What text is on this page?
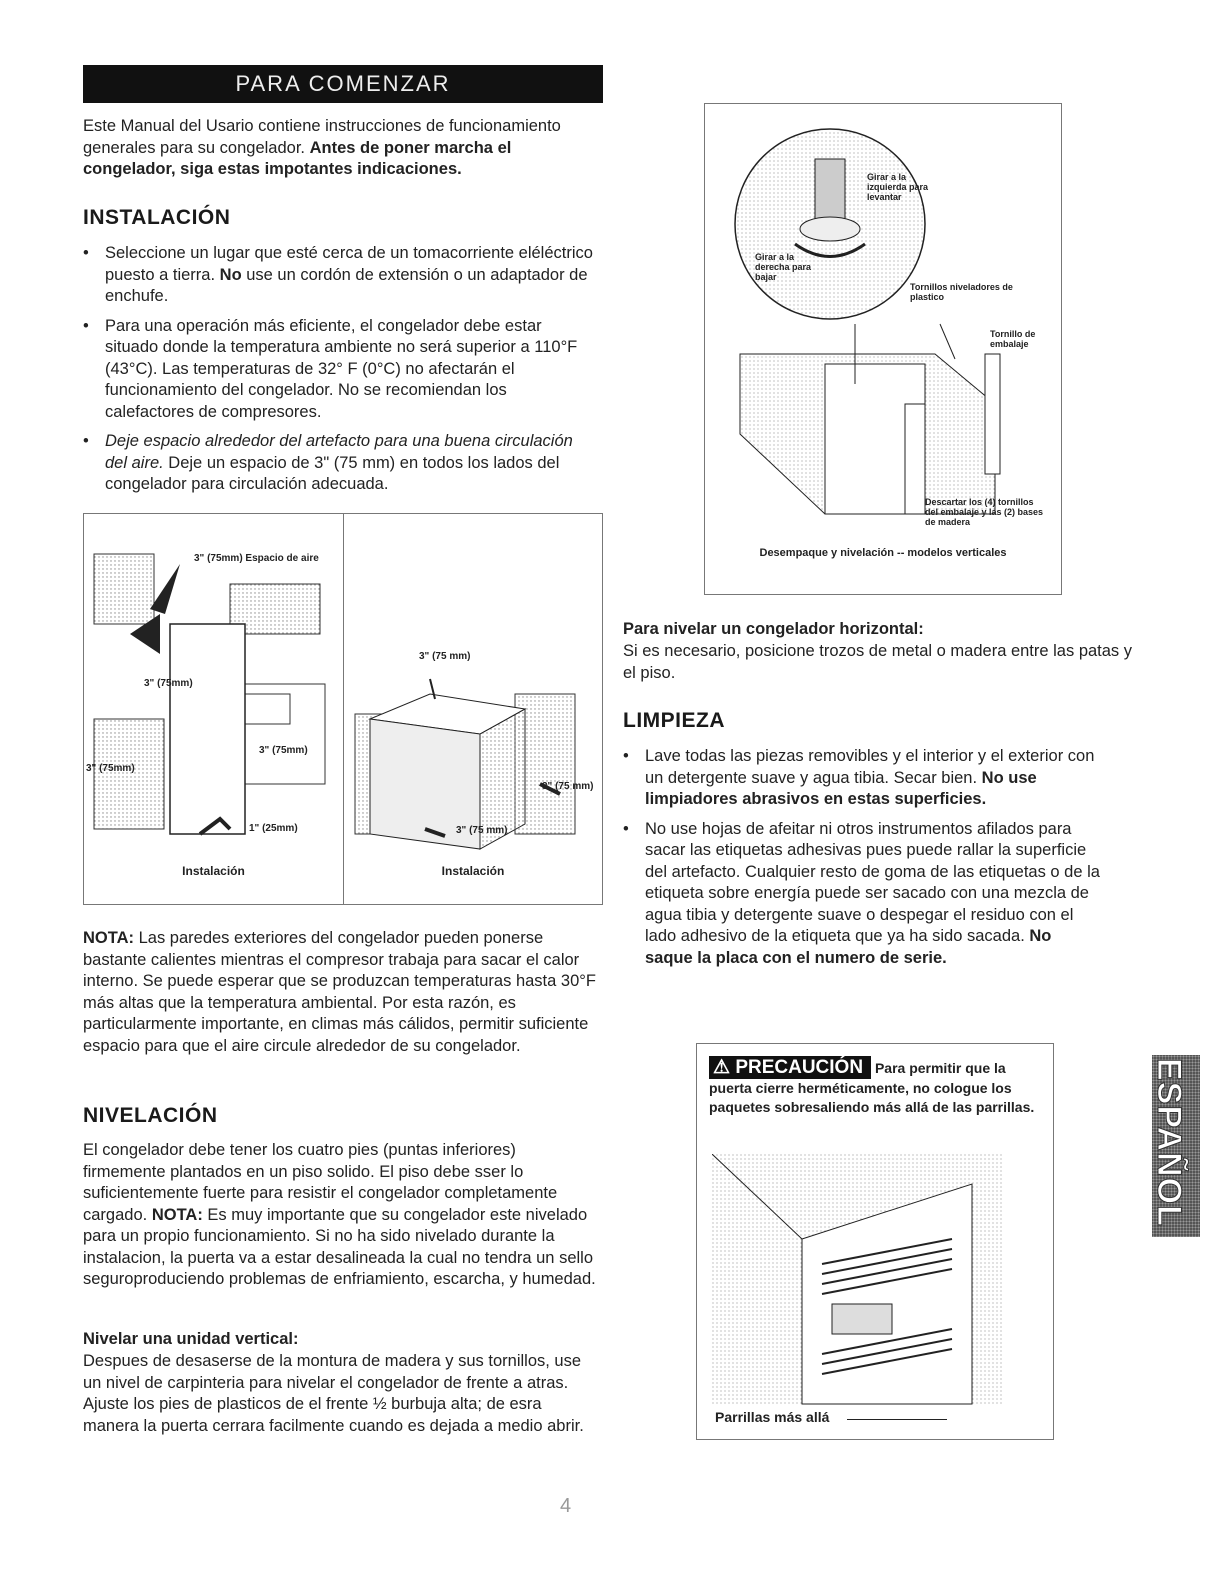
PARA COMENZAR

Este Manual del Usario contiene instrucciones de funcionamiento generales para su congelador. Antes de poner marcha el congelador, siga estas impotantes indicaciones.

INSTALACIÓN
• Seleccione un lugar que esté cerca de un tomacorriente eléléctrico puesto a tierra. No use un cordón de extensión o un adaptador de enchufe.
• Para una operación más eficiente, el congelador debe estar situado donde la temperatura ambiente no será superior a 110°F (43°C). Las temperaturas de 32° F (0°C) no afectarán el funcionamiento del congelador. No se recomiendan los calefactores de compresores.
• Deje espacio alrededor del artefacto para una buena circulación del aire. Deje un espacio de 3" (75 mm) en todos los lados del congelador para circulación adecuada.
3" (75mm) Espacio de aire
3" (75mm)
3" (75mm)
3" (75mm)
1" (25mm)
Instalación
3" (75 mm)
3" (75 mm)
3" (75 mm)
Instalación

NOTA: Las paredes exteriores del congelador pueden ponerse bastante calientes mientras el compresor trabaja para sacar el calor interno. Se puede esperar que se produzcan temperaturas hasta 30°F más altas que la temperatura ambiental. Por esta razón, es particularmente importante, en climas más cálidos, permitir suficiente espacio para que el aire circule alrededor de su congelador.

NIVELACIÓN

El congelador debe tener los cuatro pies (puntas inferiores) firmemente plantados en un piso solido. El piso debe sser lo suficientemente fuerte para resistir el congelador completamente cargado. NOTA: Es muy importante que su congelador este nivelado para un propio funcionamiento. Si no ha sido nivelado durante la instalacion, la puerta va a estar desalineada la cual no tendra un sello seguroproduciendo problemas de enfriamiento, escarcha, y humedad.

Nivelar una unidad vertical:

Despues de desaserse de la montura de madera y sus tornillos, use un nivel de carpinteria para nivelar el congelador de frente a atras. Ajuste los pies de plasticos de el frente ½ burbuja alta; de esra manera la puerta cerrara facilmente cuando es dejada a medio abrir.

Girar a la izquierda para levantar
Girar a la derecha para bajar
Tornillos niveladores de plastico
Tornillo de embalaje
Descartar los (4) tornillos del embalaje y las (2) bases de madera
Desempaque y nivelación -- modelos verticales
Para nivelar un congelador horizontal:

Si es necesario, posicione trozos de metal o madera entre las patas y el piso.

LIMPIEZA
• Lave todas las piezas removibles y el interior y el exterior con un detergente suave y agua tibia. Secar bien. No use limpiadores abrasivos en estas superficies.
• No use hojas de afeitar ni otros instrumentos afilados para sacar las etiquetas adhesivas pues puede rallar la superficie del artefacto. Cualquier resto de goma de las etiquetas o de la etiqueta sobre energía puede ser sacado con una mezcla de agua tibia y detergente suave o despegar el residuo con el lado adhesivo de la etiqueta que ya ha sido sacada. No saque la placa con el numero de serie.
⚠ PRECAUCIÓN Para permitir que la puerta cierre herméticamente, no cologue los paquetes sobresaliendo más allá de las parrillas.
Parrillas más allá
ESPAÑOL
4
